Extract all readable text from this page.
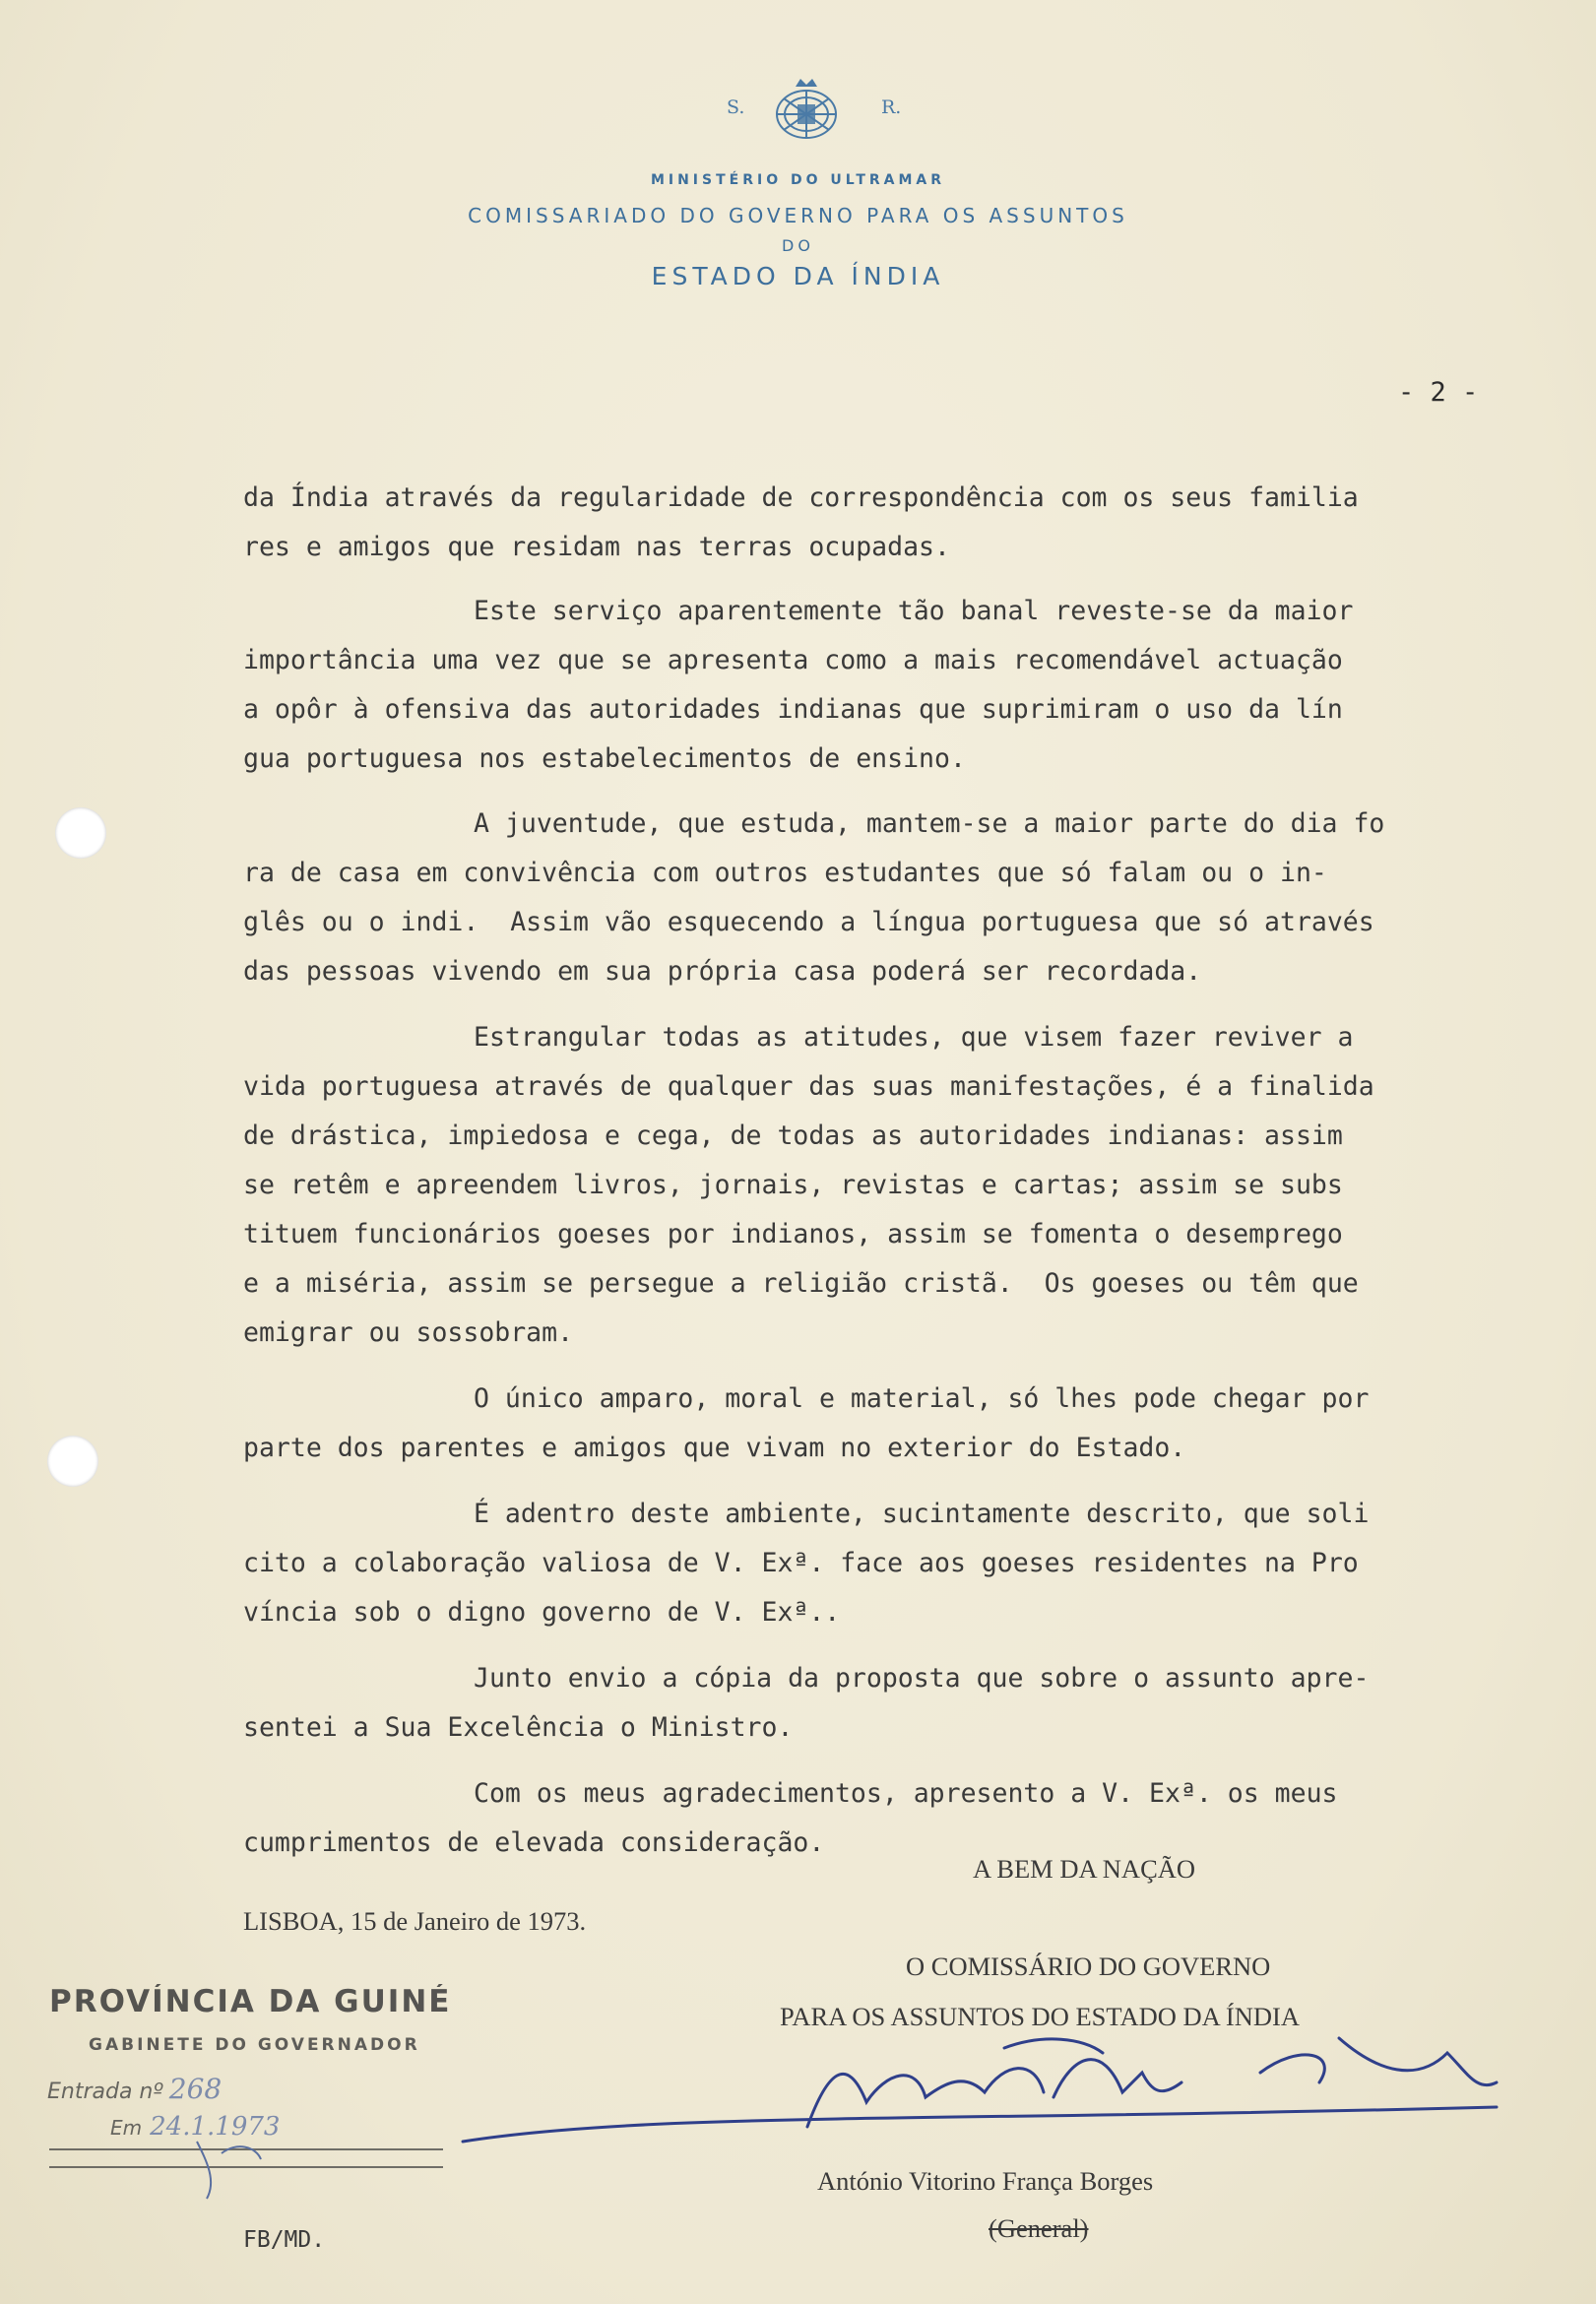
S.	R.
MINISTÉRIO DO ULTRAMAR
COMISSARIADO DO GOVERNO PARA OS ASSUNTOS
DO
ESTADO DA ÍNDIA
- 2 -

da Índia através da regularidade de correspondência com os seus familia

res e amigos que residam nas terras ocupadas.

Este serviço aparentemente tão banal reveste-se da maior

importância uma vez que se apresenta como a mais recomendável actuação

a opôr à ofensiva das autoridades indianas que suprimiram o uso da lín

gua portuguesa nos estabelecimentos de ensino.

A juventude, que estuda, mantem-se a maior parte do dia fo

ra de casa em convivência com outros estudantes que só falam ou o in-

glês ou o indi.  Assim vão esquecendo a língua portuguesa que só através

das pessoas vivendo em sua própria casa poderá ser recordada.

Estrangular todas as atitudes, que visem fazer reviver a

vida portuguesa através de qualquer das suas manifestações, é a finalida

de drástica, impiedosa e cega, de todas as autoridades indianas: assim

se retêm e apreendem livros, jornais, revistas e cartas; assim se subs

tituem funcionários goeses por indianos, assim se fomenta o desemprego

e a miséria, assim se persegue a religião cristã.  Os goeses ou têm que

emigrar ou sossobram.

O único amparo, moral e material, só lhes pode chegar por

parte dos parentes e amigos que vivam no exterior do Estado.

É adentro deste ambiente, sucintamente descrito, que soli

cito a colaboração valiosa de V. Exª. face aos goeses residentes na Pro

víncia sob o digno governo de V. Exª..

Junto envio a cópia da proposta que sobre o assunto apre-

sentei a Sua Excelência o Ministro.

Com os meus agradecimentos, apresento a V. Exª. os meus

cumprimentos de elevada consideração.

A BEM DA NAÇÃO
LISBOA, 15 de Janeiro de 1973.
O COMISSÁRIO DO GOVERNO
PARA OS ASSUNTOS DO ESTADO DA ÍNDIA
António Vitorino França Borges
(General)
PROVÍNCIA DA GUINÉ
GABINETE DO GOVERNADOR
Entrada nº 268
Em 24.1.1973
FB/MD.
